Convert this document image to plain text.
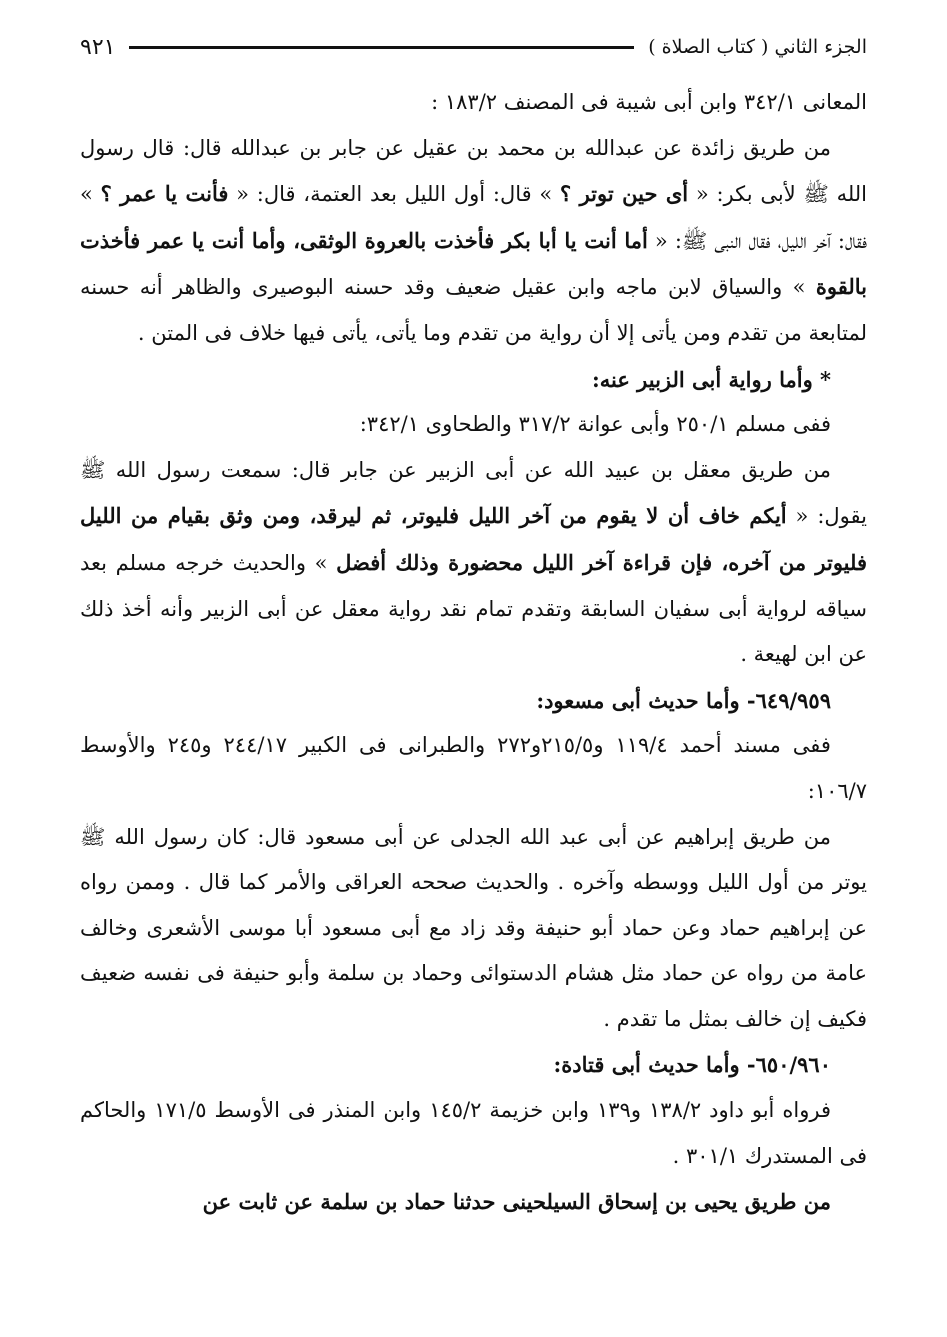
الجزء الثاني ( كتاب الصلاة )
٩٢١

المعانى ٣٤٢/١ وابن أبى شيبة فى المصنف ١٨٣/٢ :

من طريق زائدة عن عبدالله بن محمد بن عقيل عن جابر بن عبدالله قال: قال رسول الله ﷺ لأبى بكر: « أى حين توتر ؟ » قال: أول الليل بعد العتمة، قال: « فأنت يا عمر ؟ » فقال: آخر الليل، فقال النبى ﷺ: « أما أنت يا أبا بكر فأخذت بالعروة الوثقى، وأما أنت يا عمر فأخذت بالقوة » والسياق لابن ماجه وابن عقيل ضعيف وقد حسنه البوصيرى والظاهر أنه حسنه لمتابعة من تقدم ومن يأتى إلا أن رواية من تقدم وما يأتى، يأتى فيها خلاف فى المتن .

* وأما رواية أبى الزبير عنه:

ففى مسلم ٢٥٠/١ وأبى عوانة ٣١٧/٢ والطحاوى ٣٤٢/١:

من طريق معقل بن عبيد الله عن أبى الزبير عن جابر قال: سمعت رسول الله ﷺ يقول: « أيكم خاف أن لا يقوم من آخر الليل فليوتر، ثم ليرقد، ومن وثق بقيام من الليل فليوتر من آخره، فإن قراءة آخر الليل محضورة وذلك أفضل » والحديث خرجه مسلم بعد سياقه لرواية أبى سفيان السابقة وتقدم تمام نقد رواية معقل عن أبى الزبير وأنه أخذ ذلك عن ابن لهيعة .

٦٤٩/٩٥٩- وأما حديث أبى مسعود:

ففى مسند أحمد ١١٩/٤ و٢١٥/٥و٢٧٢ والطبرانى فى الكبير ٢٤٤/١٧ و٢٤٥ والأوسط ١٠٦/٧:

من طريق إبراهيم عن أبى عبد الله الجدلى عن أبى مسعود قال: كان رسول الله ﷺ يوتر من أول الليل ووسطه وآخره . والحديث صححه العراقى والأمر كما قال . وممن رواه عن إبراهيم حماد وعن حماد أبو حنيفة وقد زاد مع أبى مسعود أبا موسى الأشعرى وخالف عامة من رواه عن حماد مثل هشام الدستوائى وحماد بن سلمة وأبو حنيفة فى نفسه ضعيف فكيف إن خالف بمثل ما تقدم .

٦٥٠/٩٦٠- وأما حديث أبى قتادة:

فرواه أبو داود ١٣٨/٢ و١٣٩ وابن خزيمة ١٤٥/٢ وابن المنذر فى الأوسط ١٧١/٥ والحاكم فى المستدرك ٣٠١/١ .

من طريق يحيى بن إسحاق السيلحينى حدثنا حماد بن سلمة عن ثابت عن
